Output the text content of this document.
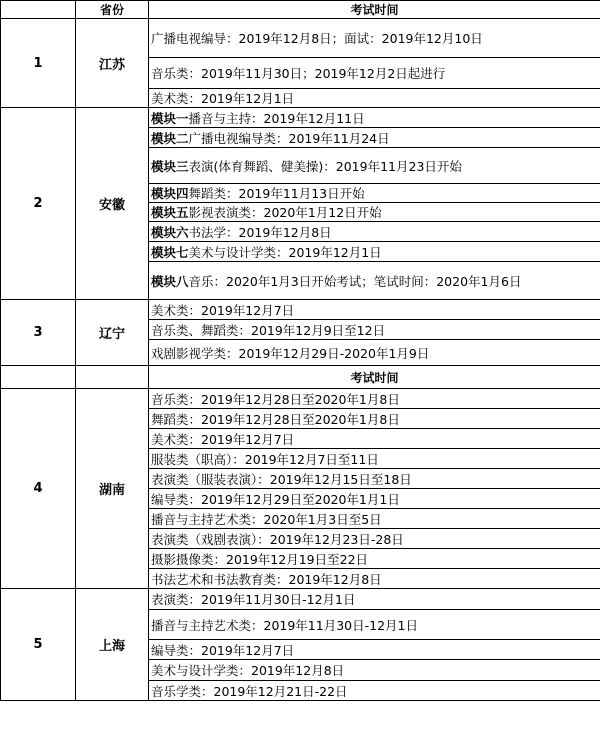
	省份	考试时间
1	江苏	广播电视编导：2019年12月8日；面试：2019年12月10日
		音乐类：2019年11月30日；2019年12月2日起进行
		美术类：2019年12月1日
2	安徽	模块一播音与主持：2019年12月11日
		模块二广播电视编导类：2019年11月24日
		模块三表演(体育舞蹈、健美操)：2019年11月23日开始
		模块四舞蹈类：2019年11月13日开始
		模块五影视表演类：2020年1月12日开始
		模块六书法学：2019年12月8日
		模块七美术与设计学类：2019年12月1日
		模块八音乐：2020年1月3日开始考试；笔试时间：2020年1月6日
3	辽宁	美术类：2019年12月7日
		音乐类、舞蹈类：2019年12月9日至12日
		戏剧影视学类：2019年12月29日-2020年1月9日
		考试时间
4	湖南	音乐类：2019年12月28日至2020年1月8日
		舞蹈类：2019年12月28日至2020年1月8日
		美术类：2019年12月7日
		服装类（职高）：2019年12月7日至11日
		表演类（服装表演）：2019年12月15日至18日
		编导类：2019年12月29日至2020年1月1日
		播音与主持艺术类：2020年1月3日至5日
		表演类（戏剧表演）：2019年12月23日-28日
		摄影摄像类：2019年12月19日至22日
		书法艺术和书法教育类：2019年12月8日
5	上海	表演类：2019年11月30日-12月1日
		播音与主持艺术类：2019年11月30日-12月1日
		编导类：2019年12月7日
		美术与设计学类：2019年12月8日
		音乐学类：2019年12月21日-22日
